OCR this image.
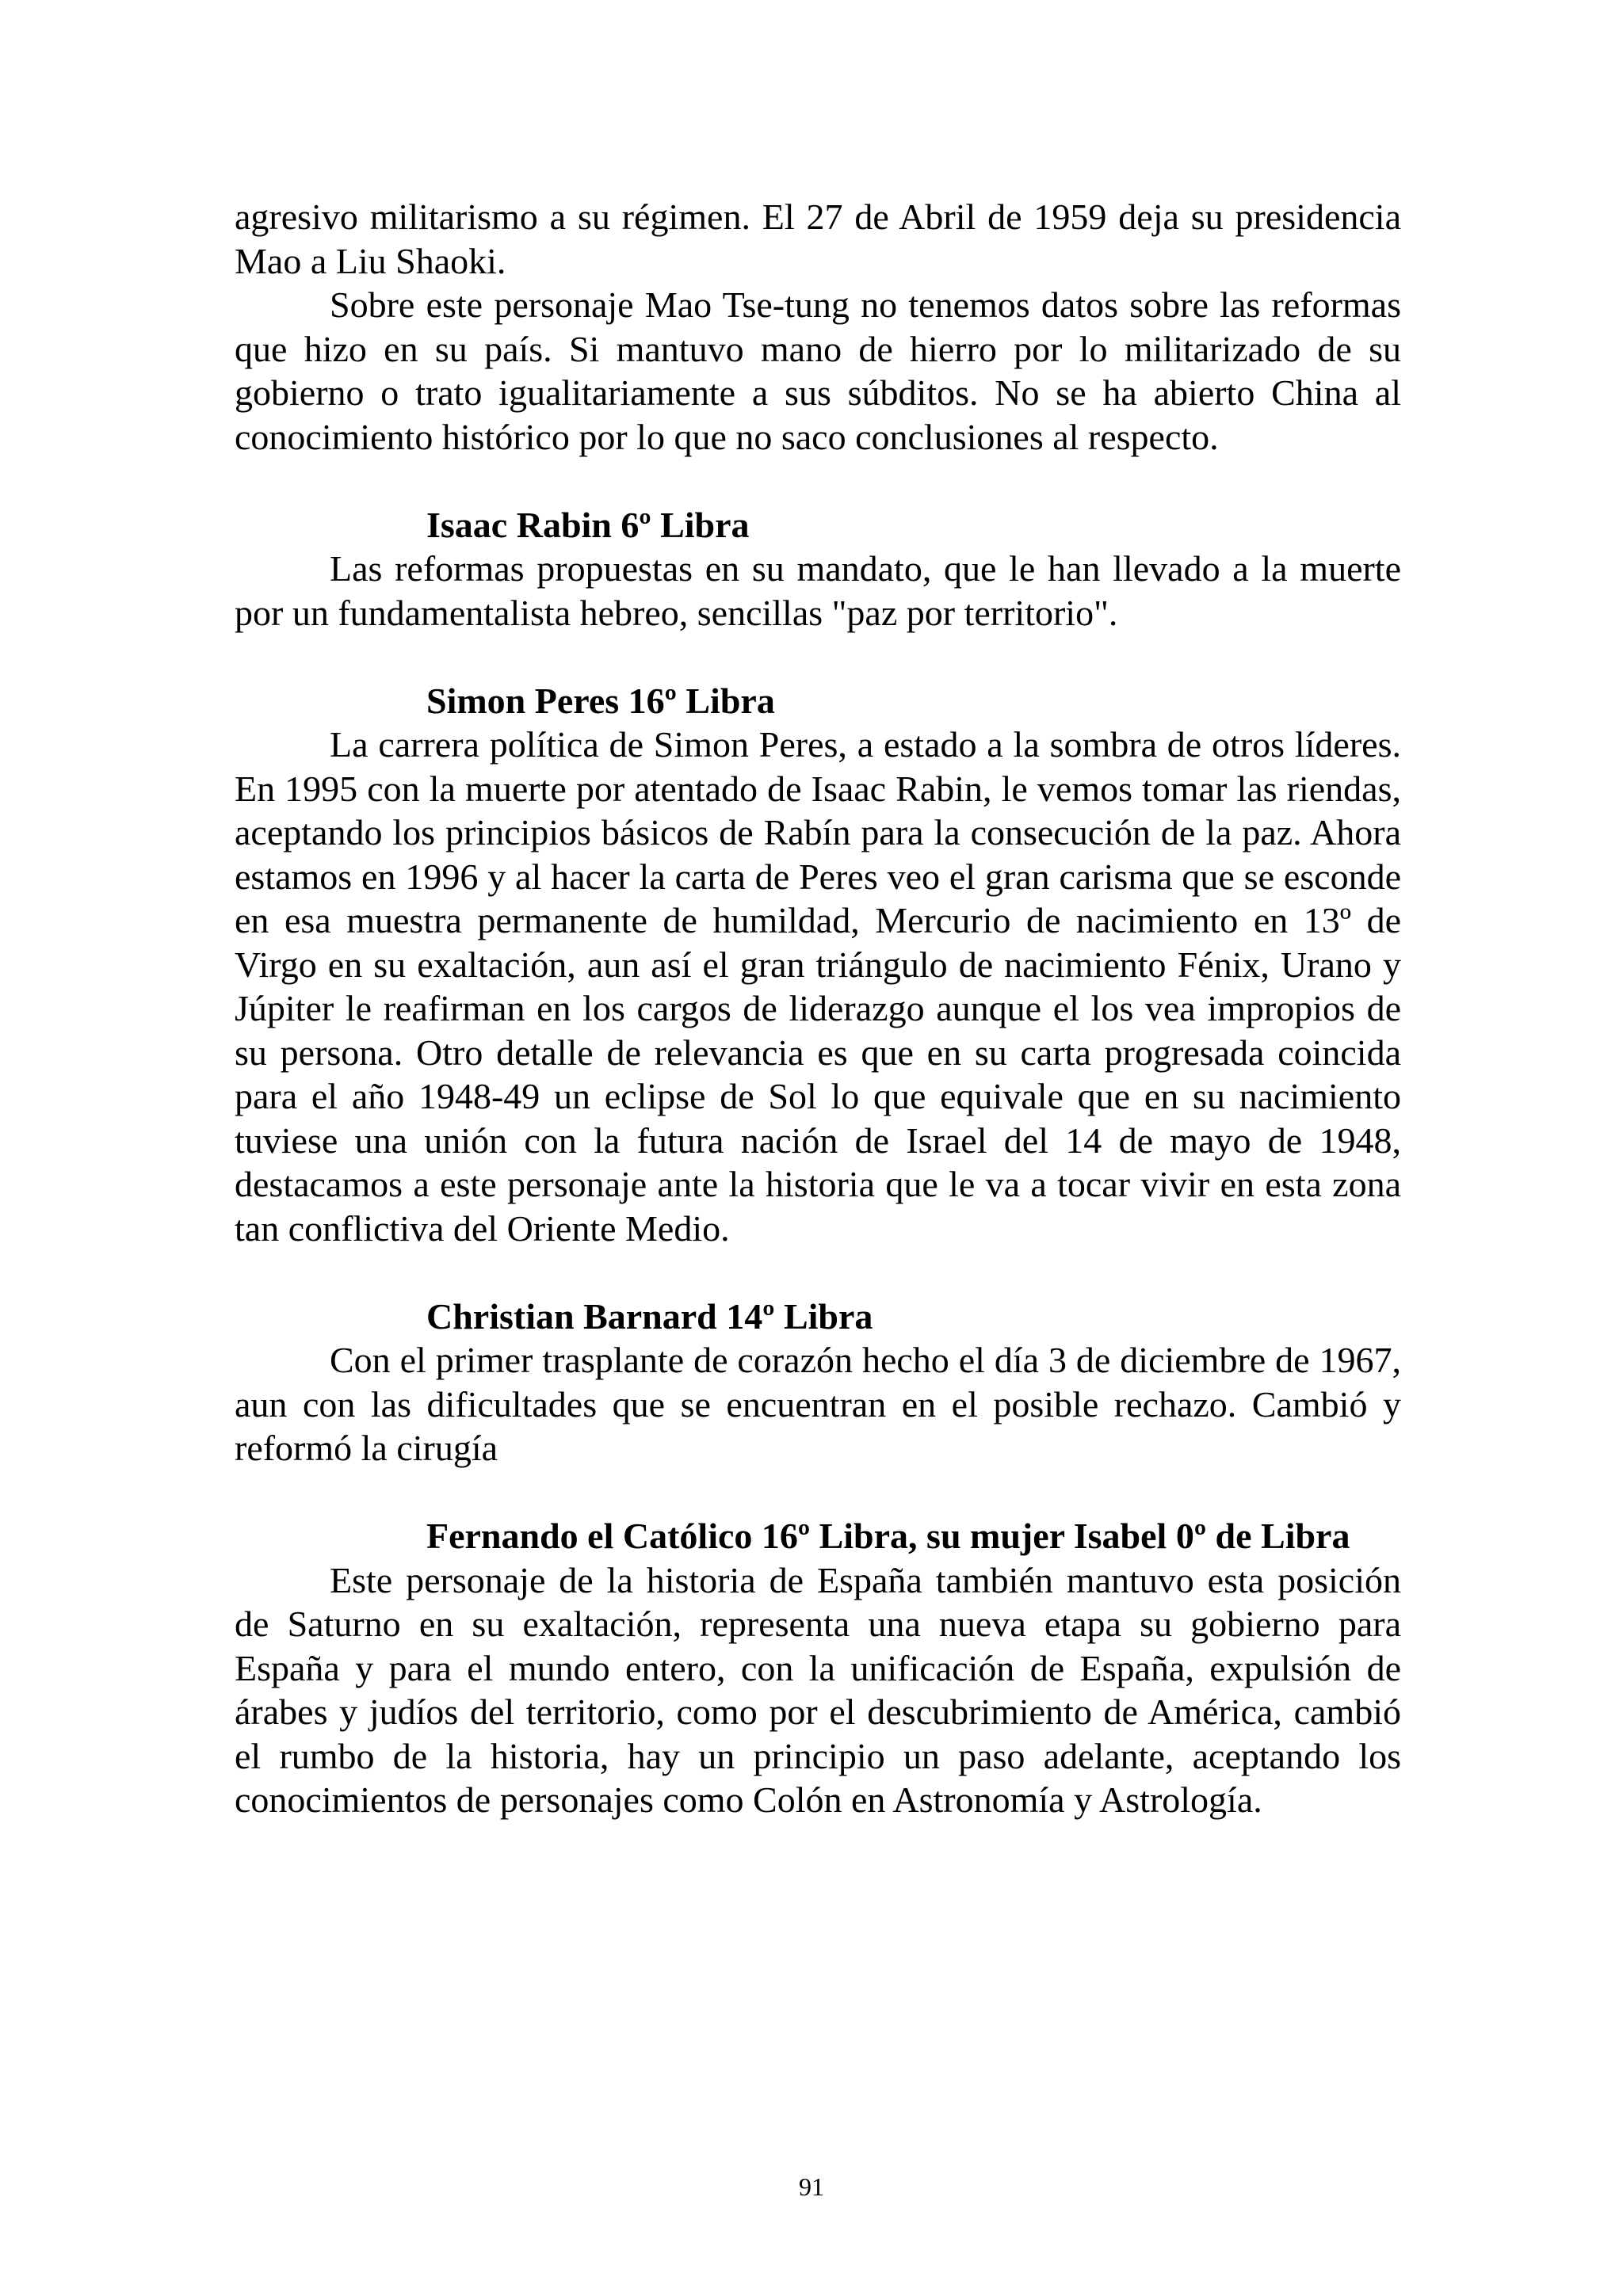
agresivo militarismo a su régimen. El 27 de Abril de 1959 deja su presidencia Mao a Liu Shaoki.

Sobre este personaje Mao Tse-tung no tenemos datos sobre las reformas que hizo en su país. Si mantuvo mano de hierro por lo militarizado de su gobierno o trato igualitariamente a sus súbditos. No se ha abierto China al conocimiento histórico por lo que no saco conclusiones al respecto.

Isaac Rabin 6º Libra

Las reformas propuestas en su mandato, que le han llevado a la muerte por un fundamentalista hebreo, sencillas "paz por territorio".

Simon Peres 16º Libra

La carrera política de Simon Peres, a estado a la sombra de otros líderes. En 1995 con la muerte por atentado de Isaac Rabin, le vemos tomar las riendas, aceptando los principios básicos de Rabín para la consecución de la paz. Ahora estamos en 1996 y al hacer la carta de Peres veo el gran carisma que se esconde en esa muestra permanente de humildad, Mercurio de nacimiento en 13º de Virgo en su exaltación, aun así el gran triángulo de nacimiento Fénix, Urano y Júpiter le reafirman en los cargos de liderazgo aunque el los vea impropios de su persona. Otro detalle de relevancia es que en su carta progresada coincida para el año 1948-49 un eclipse de Sol lo que equivale que en su nacimiento tuviese una unión con la futura nación de Israel del 14 de mayo de 1948, destacamos a este personaje ante la historia que le va a tocar vivir en esta zona tan conflictiva del Oriente Medio.

Christian Barnard 14º Libra

Con el primer trasplante de corazón hecho el día 3 de diciembre de 1967, aun con las dificultades que se encuentran en el posible rechazo. Cambió y reformó la cirugía

Fernando el Católico 16º Libra, su mujer Isabel 0º de Libra

Este personaje de la historia de España también mantuvo esta posición de Saturno en su exaltación, representa una nueva etapa su gobierno para España y para el mundo entero, con la unificación de España, expulsión de árabes y judíos del territorio, como por el descubrimiento de América, cambió el rumbo de la historia, hay un principio un paso adelante, aceptando los conocimientos de personajes como Colón en Astronomía y Astrología.

91
